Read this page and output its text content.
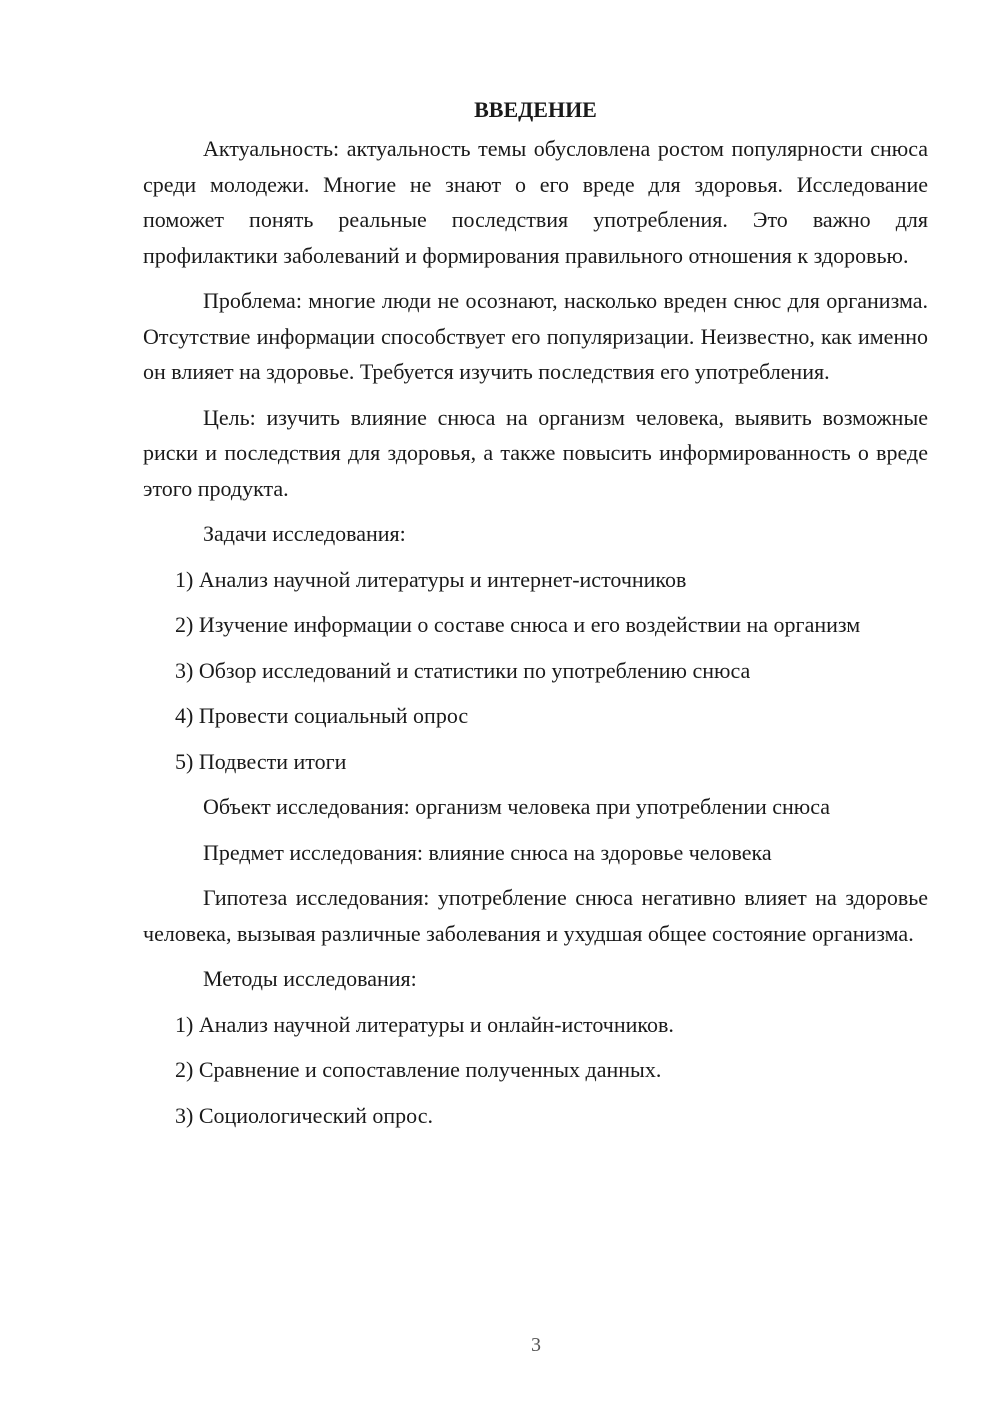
ВВЕДЕНИЕ

Актуальность: актуальность темы обусловлена ростом популярности снюса среди молодежи. Многие не знают о его вреде для здоровья. Исследование поможет понять реальные последствия употребления. Это важно для профилактики заболеваний и формирования правильного отношения к здоровью.

Проблема: многие люди не осознают, насколько вреден снюс для организма. Отсутствие информации способствует его популяризации. Неизвестно, как именно он влияет на здоровье. Требуется изучить последствия его употребления.

Цель: изучить влияние снюса на организм человека, выявить возможные риски и последствия для здоровья, а также повысить информированность о вреде этого продукта.

Задачи исследования:

1) Анализ научной литературы и интернет-источников

2) Изучение информации о составе снюса и его воздействии на организм

3) Обзор исследований и статистики по употреблению снюса

4) Провести социальный опрос

5) Подвести итоги

Объект исследования: организм человека при употреблении снюса

Предмет исследования: влияние снюса на здоровье человека

Гипотеза исследования: употребление снюса негативно влияет на здоровье человека, вызывая различные заболевания и ухудшая общее состояние организма.

Методы исследования:

1) Анализ научной литературы и онлайн-источников.

2) Сравнение и сопоставление полученных данных.

3) Социологический опрос.

3
